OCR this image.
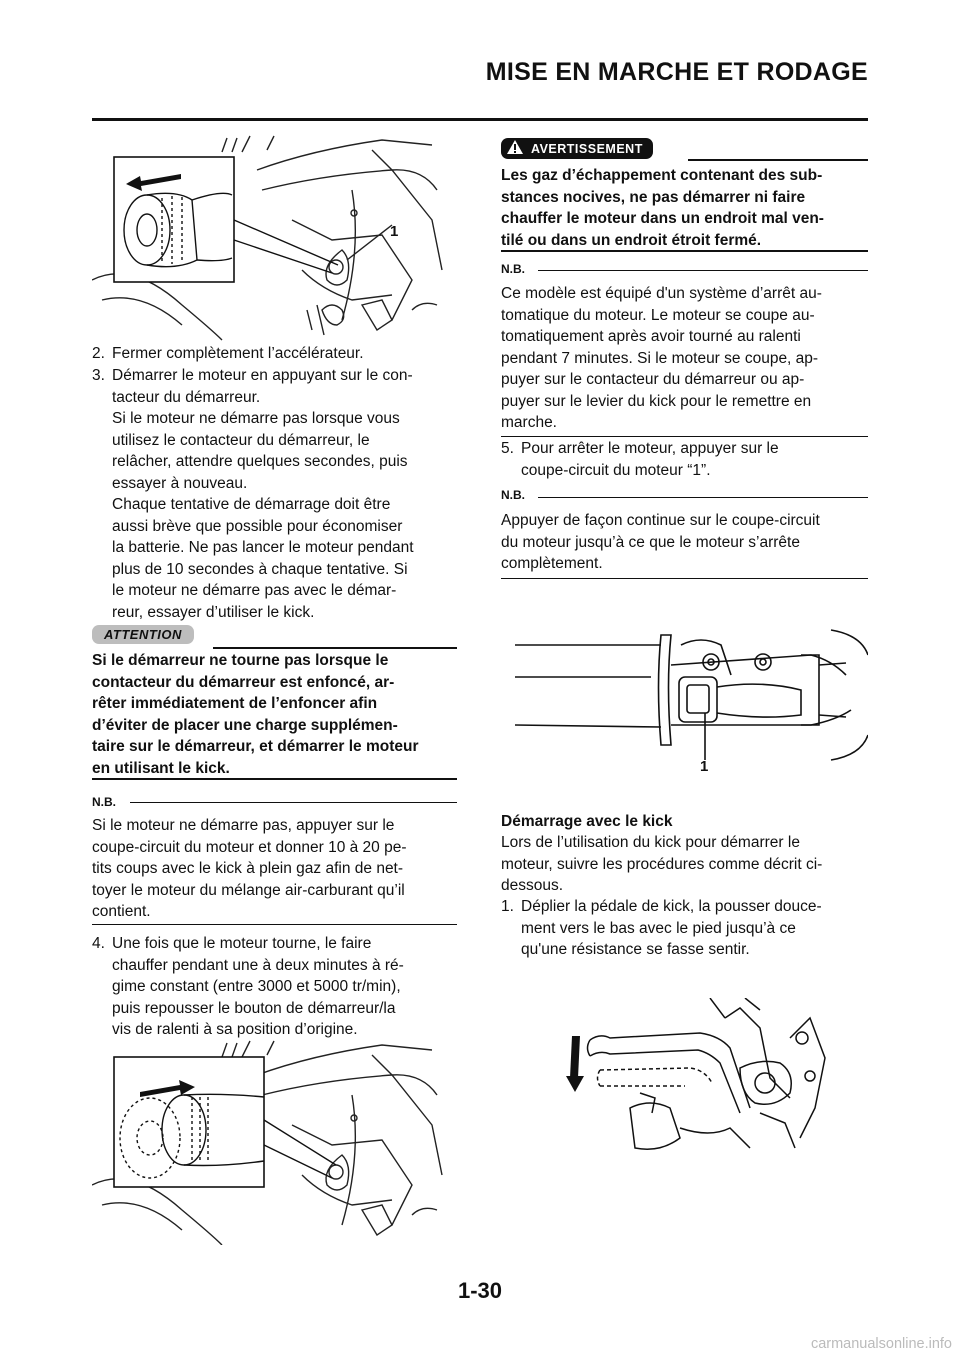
MISE EN MARCHE ET RODAGE
1
2. Fermer complètement l’accélérateur.
3. Démarrer le moteur en appuyant sur le con-
tacteur du démarreur.
Si le moteur ne démarre pas lorsque vous
utilisez le contacteur du démarreur, le
relâcher, attendre quelques secondes, puis
essayer à nouveau.
Chaque tentative de démarrage doit être
aussi brève que possible pour économiser
la batterie. Ne pas lancer le moteur pendant
plus de 10 secondes à chaque tentative. Si
le moteur ne démarre pas avec le démar-
reur, essayer d’utiliser le kick.
ATTENTION
Si le démarreur ne tourne pas lorsque le
contacteur du démarreur est enfoncé, ar-
rêter immédiatement de l’enfoncer afin
d’éviter de placer une charge supplémen-
taire sur le démarreur, et démarrer le moteur
en utilisant le kick.
N.B.
Si le moteur ne démarre pas, appuyer sur le
coupe-circuit du moteur et donner 10 à 20 pe-
tits coups avec le kick à plein gaz afin de net-
toyer le moteur du mélange air-carburant qu’il
contient.
4. Une fois que le moteur tourne, le faire
chauffer pendant une à deux minutes à ré-
gime constant (entre 3000 et 5000 tr/min),
puis repousser le bouton de démarreur/la
vis de ralenti à sa position d’origine.
AVERTISSEMENT
Les gaz d’échappement contenant des sub-
stances nocives, ne pas démarrer ni faire
chauffer le moteur dans un endroit mal ven-
tilé ou dans un endroit étroit fermé.
N.B.
Ce modèle est équipé d'un système d’arrêt au-
tomatique du moteur. Le moteur se coupe au-
tomatiquement après avoir tourné au ralenti
pendant 7 minutes. Si le moteur se coupe, ap-
puyer sur le contacteur du démarreur ou ap-
puyer sur le levier du kick pour le remettre en
marche.
5. Pour arrêter le moteur, appuyer sur le
coupe-circuit du moteur “1”.
N.B.
Appuyer de façon continue sur le coupe-circuit
du moteur jusqu’à ce que le moteur s’arrête
complètement.
1
Démarrage avec le kick
Lors de l’utilisation du kick pour démarrer le
moteur, suivre les procédures comme décrit ci-
dessous.
1. Déplier la pédale de kick, la pousser douce-
ment vers le bas avec le pied jusqu’à ce
qu'une résistance se fasse sentir.
1-30
carmanualsonline.info
